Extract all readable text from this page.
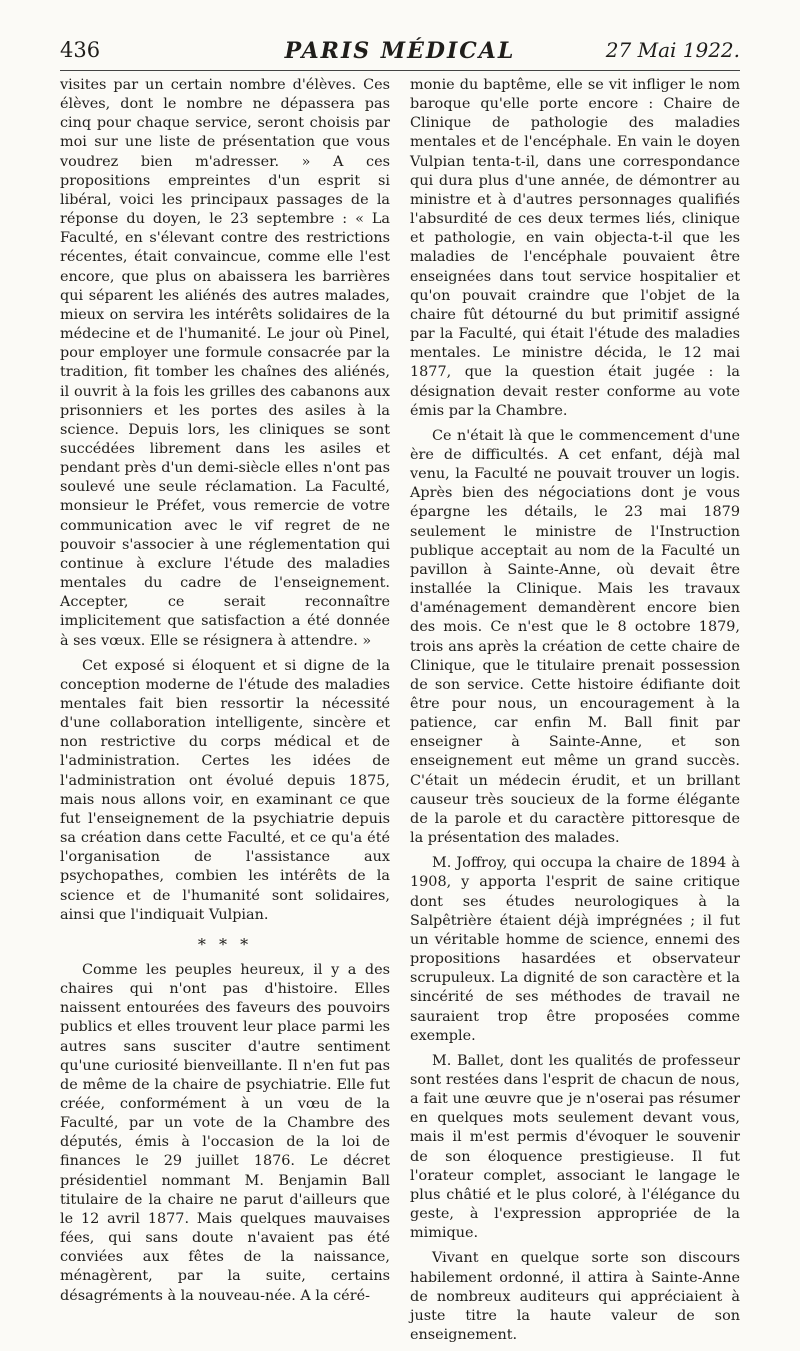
436	PARIS MÉDICAL	27 Mai 1922.

visites par un certain nombre d'élèves. Ces élèves, dont le nombre ne dépassera pas cinq pour chaque service, seront choisis par moi sur une liste de présentation que vous voudrez bien m'adresser. » A ces propositions empreintes d'un esprit si libéral, voici les principaux passages de la réponse du doyen, le 23 septembre : « La Faculté, en s'élevant contre des restrictions récentes, était convaincue, comme elle l'est encore, que plus on abaissera les barrières qui séparent les aliénés des autres malades, mieux on servira les intérêts solidaires de la médecine et de l'humanité. Le jour où Pinel, pour employer une formule consacrée par la tradition, fit tomber les chaînes des aliénés, il ouvrit à la fois les grilles des cabanons aux prisonniers et les portes des asiles à la science. Depuis lors, les cliniques se sont succédées librement dans les asiles et pendant près d'un demi-siècle elles n'ont pas soulevé une seule réclamation. La Faculté, monsieur le Préfet, vous remercie de votre communication avec le vif regret de ne pouvoir s'associer à une réglementation qui continue à exclure l'étude des maladies mentales du cadre de l'enseignement. Accepter, ce serait reconnaître implicitement que satisfaction a été donnée à ses vœux. Elle se résignera à attendre. »

Cet exposé si éloquent et si digne de la conception moderne de l'étude des maladies mentales fait bien ressortir la nécessité d'une collaboration intelligente, sincère et non restrictive du corps médical et de l'administration. Certes les idées de l'administration ont évolué depuis 1875, mais nous allons voir, en examinant ce que fut l'enseignement de la psychiatrie depuis sa création dans cette Faculté, et ce qu'a été l'organisation de l'assistance aux psychopathes, combien les intérêts de la science et de l'humanité sont solidaires, ainsi que l'indiquait Vulpian.

* * *

Comme les peuples heureux, il y a des chaires qui n'ont pas d'histoire. Elles naissent entourées des faveurs des pouvoirs publics et elles trouvent leur place parmi les autres sans susciter d'autre sentiment qu'une curiosité bienveillante. Il n'en fut pas de même de la chaire de psychiatrie. Elle fut créée, conformément à un vœu de la Faculté, par un vote de la Chambre des députés, émis à l'occasion de la loi de finances le 29 juillet 1876. Le décret présidentiel nommant M. Benjamin Ball titulaire de la chaire ne parut d'ailleurs que le 12 avril 1877. Mais quelques mauvaises fées, qui sans doute n'avaient pas été conviées aux fêtes de la naissance, ménagèrent, par la suite, certains désagréments à la nouveau-née. A la céré-

monie du baptême, elle se vit infliger le nom baroque qu'elle porte encore : Chaire de Clinique de pathologie des maladies mentales et de l'encéphale. En vain le doyen Vulpian tenta-t-il, dans une correspondance qui dura plus d'une année, de démontrer au ministre et à d'autres personnages qualifiés l'absurdité de ces deux termes liés, clinique et pathologie, en vain objecta-t-il que les maladies de l'encéphale pouvaient être enseignées dans tout service hospitalier et qu'on pouvait craindre que l'objet de la chaire fût détourné du but primitif assigné par la Faculté, qui était l'étude des maladies mentales. Le ministre décida, le 12 mai 1877, que la question était jugée : la désignation devait rester conforme au vote émis par la Chambre.

Ce n'était là que le commencement d'une ère de difficultés. A cet enfant, déjà mal venu, la Faculté ne pouvait trouver un logis. Après bien des négociations dont je vous épargne les détails, le 23 mai 1879 seulement le ministre de l'Instruction publique acceptait au nom de la Faculté un pavillon à Sainte-Anne, où devait être installée la Clinique. Mais les travaux d'aménagement demandèrent encore bien des mois. Ce n'est que le 8 octobre 1879, trois ans après la création de cette chaire de Clinique, que le titulaire prenait possession de son service. Cette histoire édifiante doit être pour nous, un encouragement à la patience, car enfin M. Ball finit par enseigner à Sainte-Anne, et son enseignement eut même un grand succès. C'était un médecin érudit, et un brillant causeur très soucieux de la forme élégante de la parole et du caractère pittoresque de la présentation des malades.

M. Joffroy, qui occupa la chaire de 1894 à 1908, y apporta l'esprit de saine critique dont ses études neurologiques à la Salpêtrière étaient déjà imprégnées ; il fut un véritable homme de science, ennemi des propositions hasardées et observateur scrupuleux. La dignité de son caractère et la sincérité de ses méthodes de travail ne sauraient trop être proposées comme exemple.

M. Ballet, dont les qualités de professeur sont restées dans l'esprit de chacun de nous, a fait une œuvre que je n'oserai pas résumer en quelques mots seulement devant vous, mais il m'est permis d'évoquer le souvenir de son éloquence prestigieuse. Il fut l'orateur complet, associant le langage le plus châtié et le plus coloré, à l'élégance du geste, à l'expression appropriée de la mimique.

Vivant en quelque sorte son discours habilement ordonné, il attira à Sainte-Anne de nombreux auditeurs qui appréciaient à juste titre la haute valeur de son enseignement.
